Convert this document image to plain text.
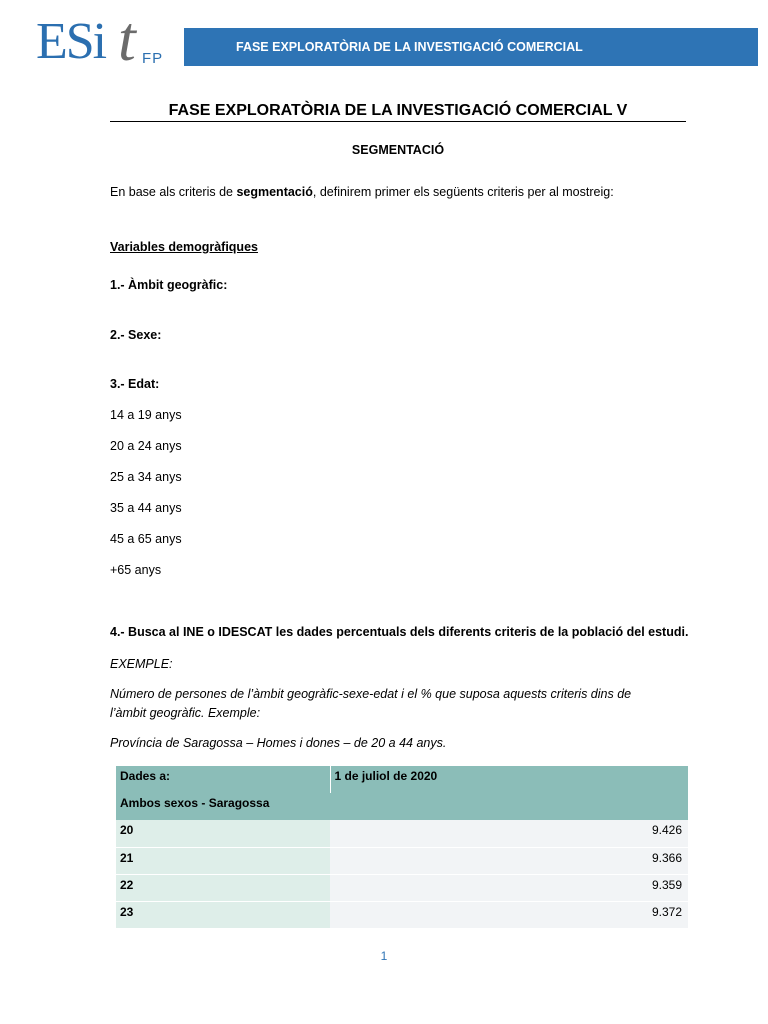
ESi t FP
FASE EXPLORATÒRIA DE LA INVESTIGACIÓ COMERCIAL
FASE EXPLORATÒRIA DE LA INVESTIGACIÓ COMERCIAL V
SEGMENTACIÓ
En base als criteris de segmentació, definirem primer els següents criteris per al mostreig:
Variables demogràfiques
1.- Àmbit geogràfic:
2.- Sexe:
3.- Edat:
14 a 19 anys
20 a 24 anys
25 a 34 anys
35 a 44 anys
45 a 65 anys
+65 anys
4.- Busca al INE o IDESCAT les dades percentuals dels diferents criteris de la població del estudi.
EXEMPLE:
Número de persones de l’àmbit geogràfic-sexe-edat i el % que suposa aquests criteris dins de
l’àmbit geogràfic. Exemple:
Província de Saragossa – Homes i dones – de 20 a 44 anys.
Dades a:	1 de juliol de 2020
Ambos sexos - Saragossa	
20	9.426
21	9.366
22	9.359
23	9.372
1
